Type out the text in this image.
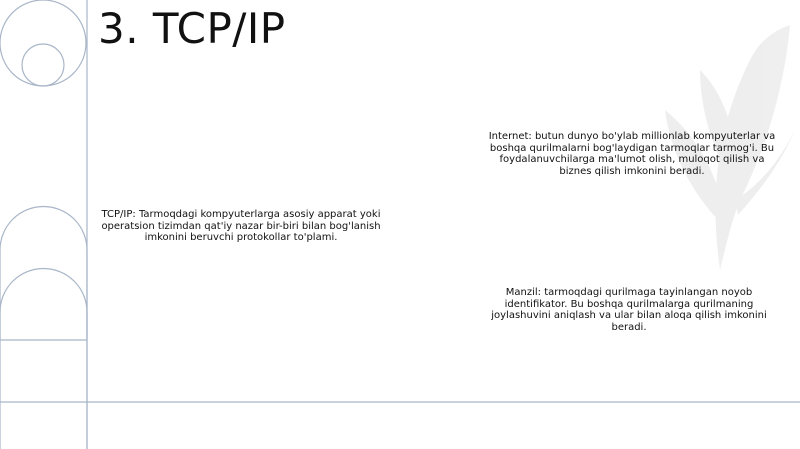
3. TCP/IP
TCP/IP: Tarmoqdagi kompyuterlarga asosiy apparat yoki operatsion tizimdan qat'iy nazar bir-biri bilan bog'lanish imkonini beruvchi protokollar to'plami.
Internet: butun dunyo bo'ylab millionlab kompyuterlar va boshqa qurilmalarni bog'laydigan tarmoqlar tarmog'i. Bu foydalanuvchilarga ma'lumot olish, muloqot qilish va biznes qilish imkonini beradi.
Manzil: tarmoqdagi qurilmaga tayinlangan noyob identifikator. Bu boshqa qurilmalarga qurilmaning joylashuvini aniqlash va ular bilan aloqa qilish imkonini beradi.
